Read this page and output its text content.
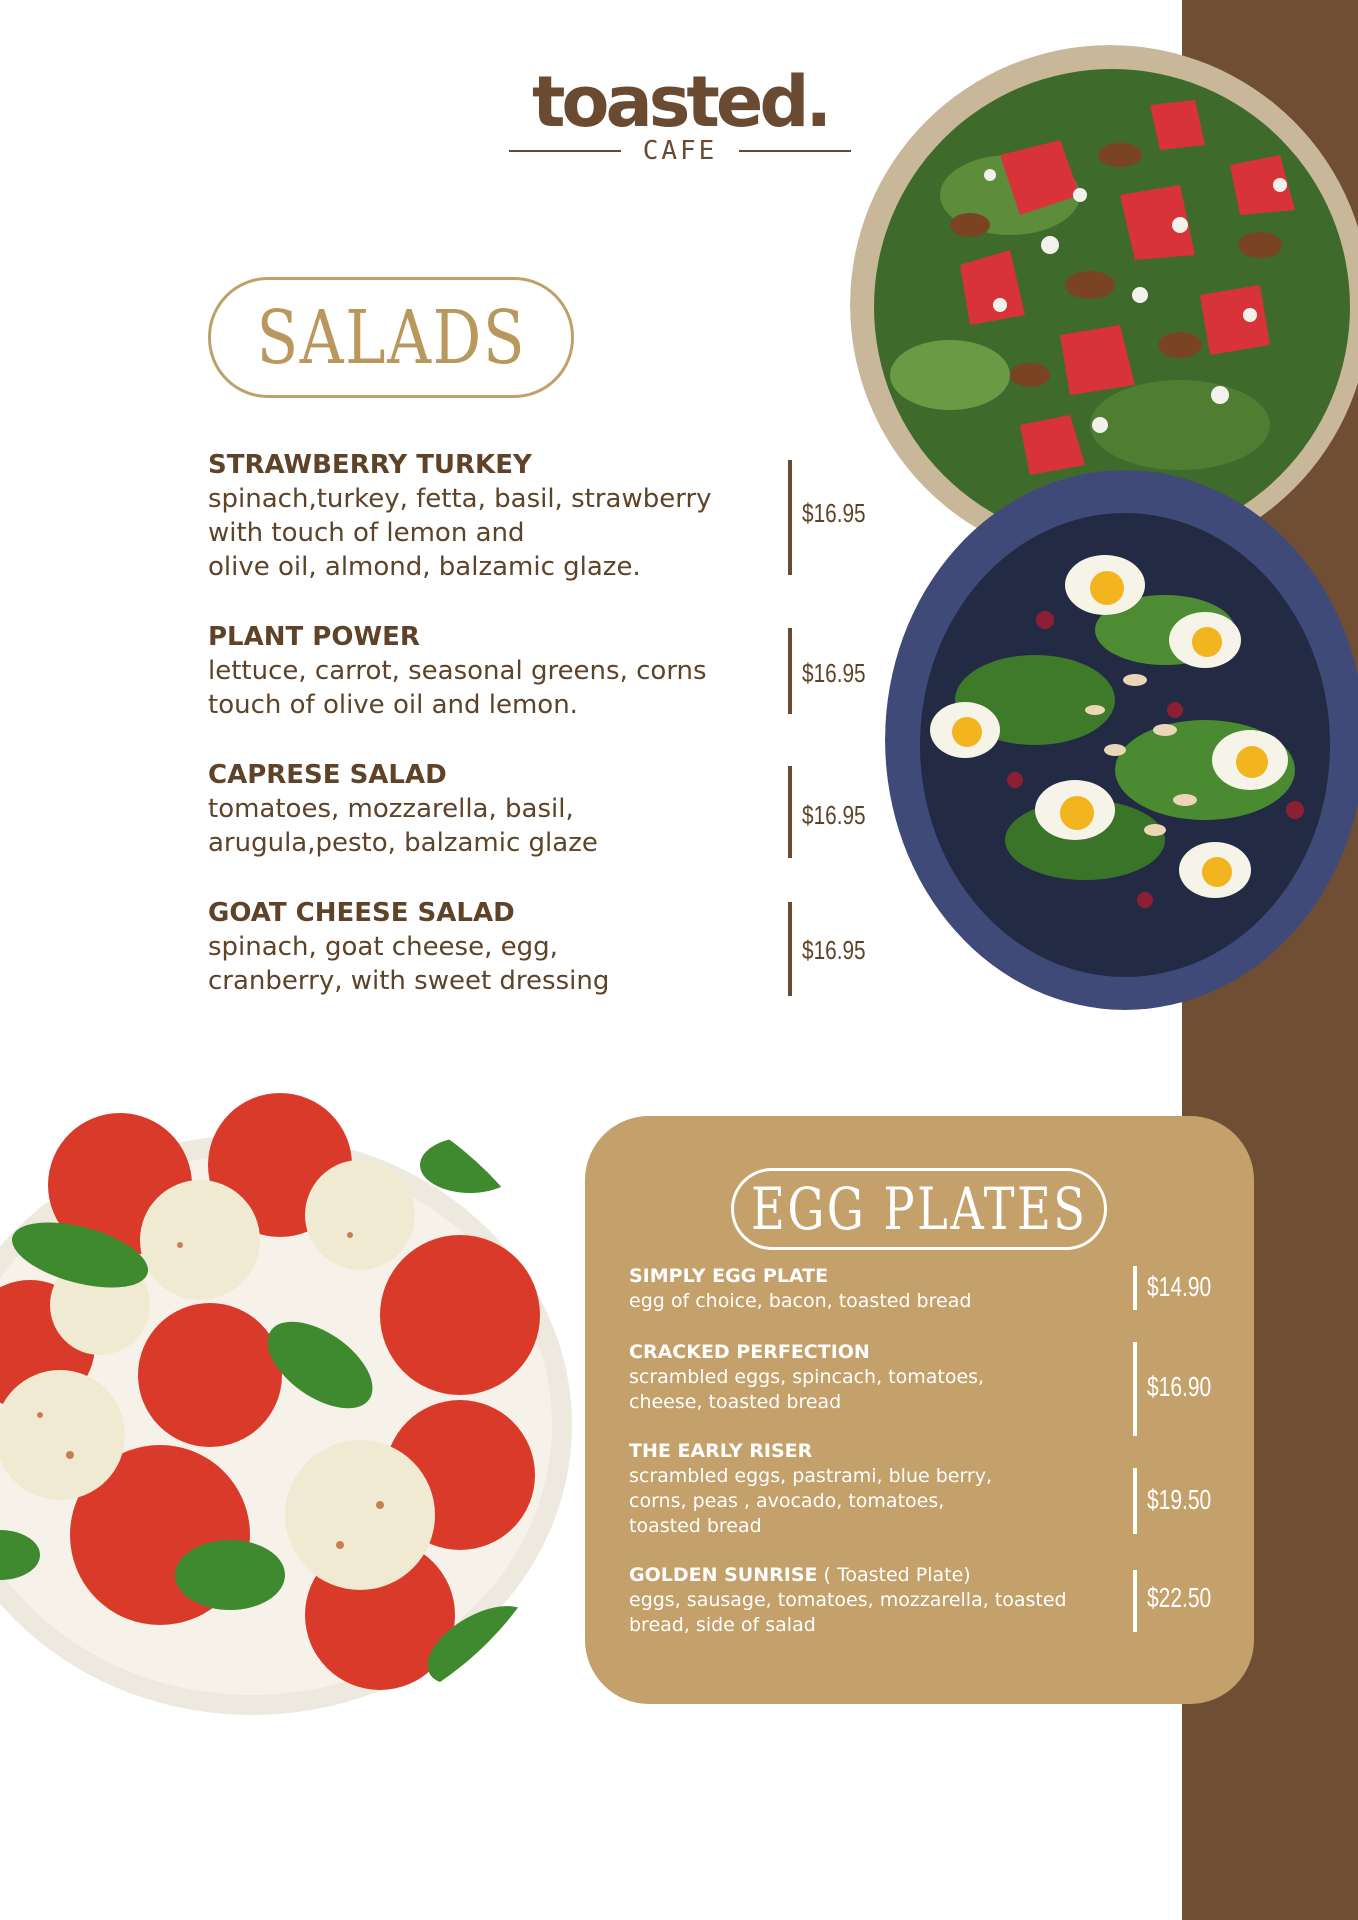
toasted.
CAFE
SALADS
STRAWBERRY TURKEY
spinach,turkey, fetta, basil, strawberry
with touch of lemon and
olive oil, almond, balzamic glaze.
$16.95
PLANT POWER
lettuce, carrot, seasonal greens, corns
touch of olive oil and lemon.
$16.95
CAPRESE SALAD
tomatoes, mozzarella, basil,
arugula,pesto, balzamic glaze
$16.95
GOAT CHEESE SALAD
spinach, goat cheese, egg,
cranberry, with sweet dressing
$16.95
EGG PLATES
SIMPLY EGG PLATE
egg of choice, bacon, toasted bread	$14.90
CRACKED PERFECTION
scrambled eggs, spincach, tomatoes,
cheese, toasted bread	$16.90
THE EARLY RISER
scrambled eggs, pastrami, blue berry,
corns, peas , avocado, tomatoes,
toasted bread
$19.50
GOLDEN SUNRISE ( Toasted Plate)
eggs, sausage, tomatoes, mozzarella, toasted
bread, side of salad
$22.50
